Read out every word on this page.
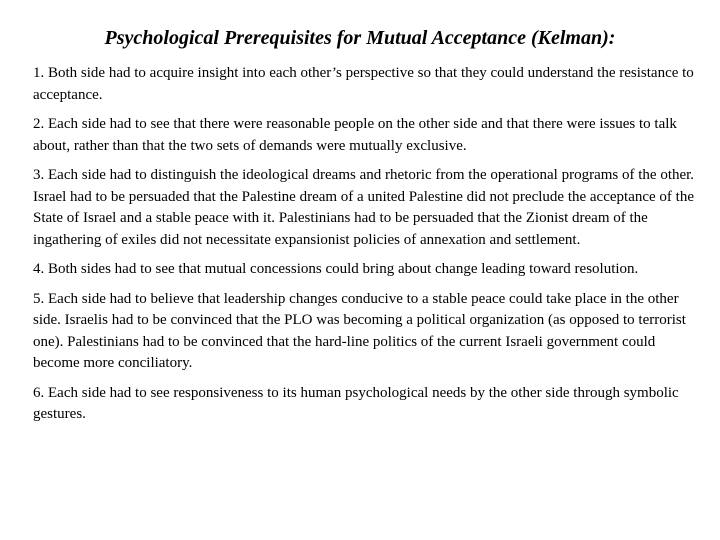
Psychological Prerequisites for Mutual Acceptance (Kelman):
1. Both side had to acquire insight into each other’s perspective so that they could understand the resistance to acceptance.
2. Each side had to see that there were reasonable people on the other side and that there were issues to talk about, rather than that the two sets of demands were mutually exclusive.
3. Each side had to distinguish the ideological dreams and rhetoric from the operational programs of the other. Israel had to be persuaded that the Palestine dream of a united Palestine did not preclude the acceptance of the State of Israel and a stable peace with it. Palestinians had to be persuaded that the Zionist dream of the ingathering of exiles did not necessitate expansionist policies of annexation and settlement.
4. Both sides had to see that mutual concessions could bring about change leading toward resolution.
5. Each side had to believe that leadership changes conducive to a stable peace could take place in the other side. Israelis had to be convinced that the PLO was becoming a political organization (as opposed to terrorist one). Palestinians had to be convinced that the hard-line politics of the current Israeli government could become more conciliatory.
6. Each side had to see responsiveness to its human psychological needs by the other side through symbolic gestures.
